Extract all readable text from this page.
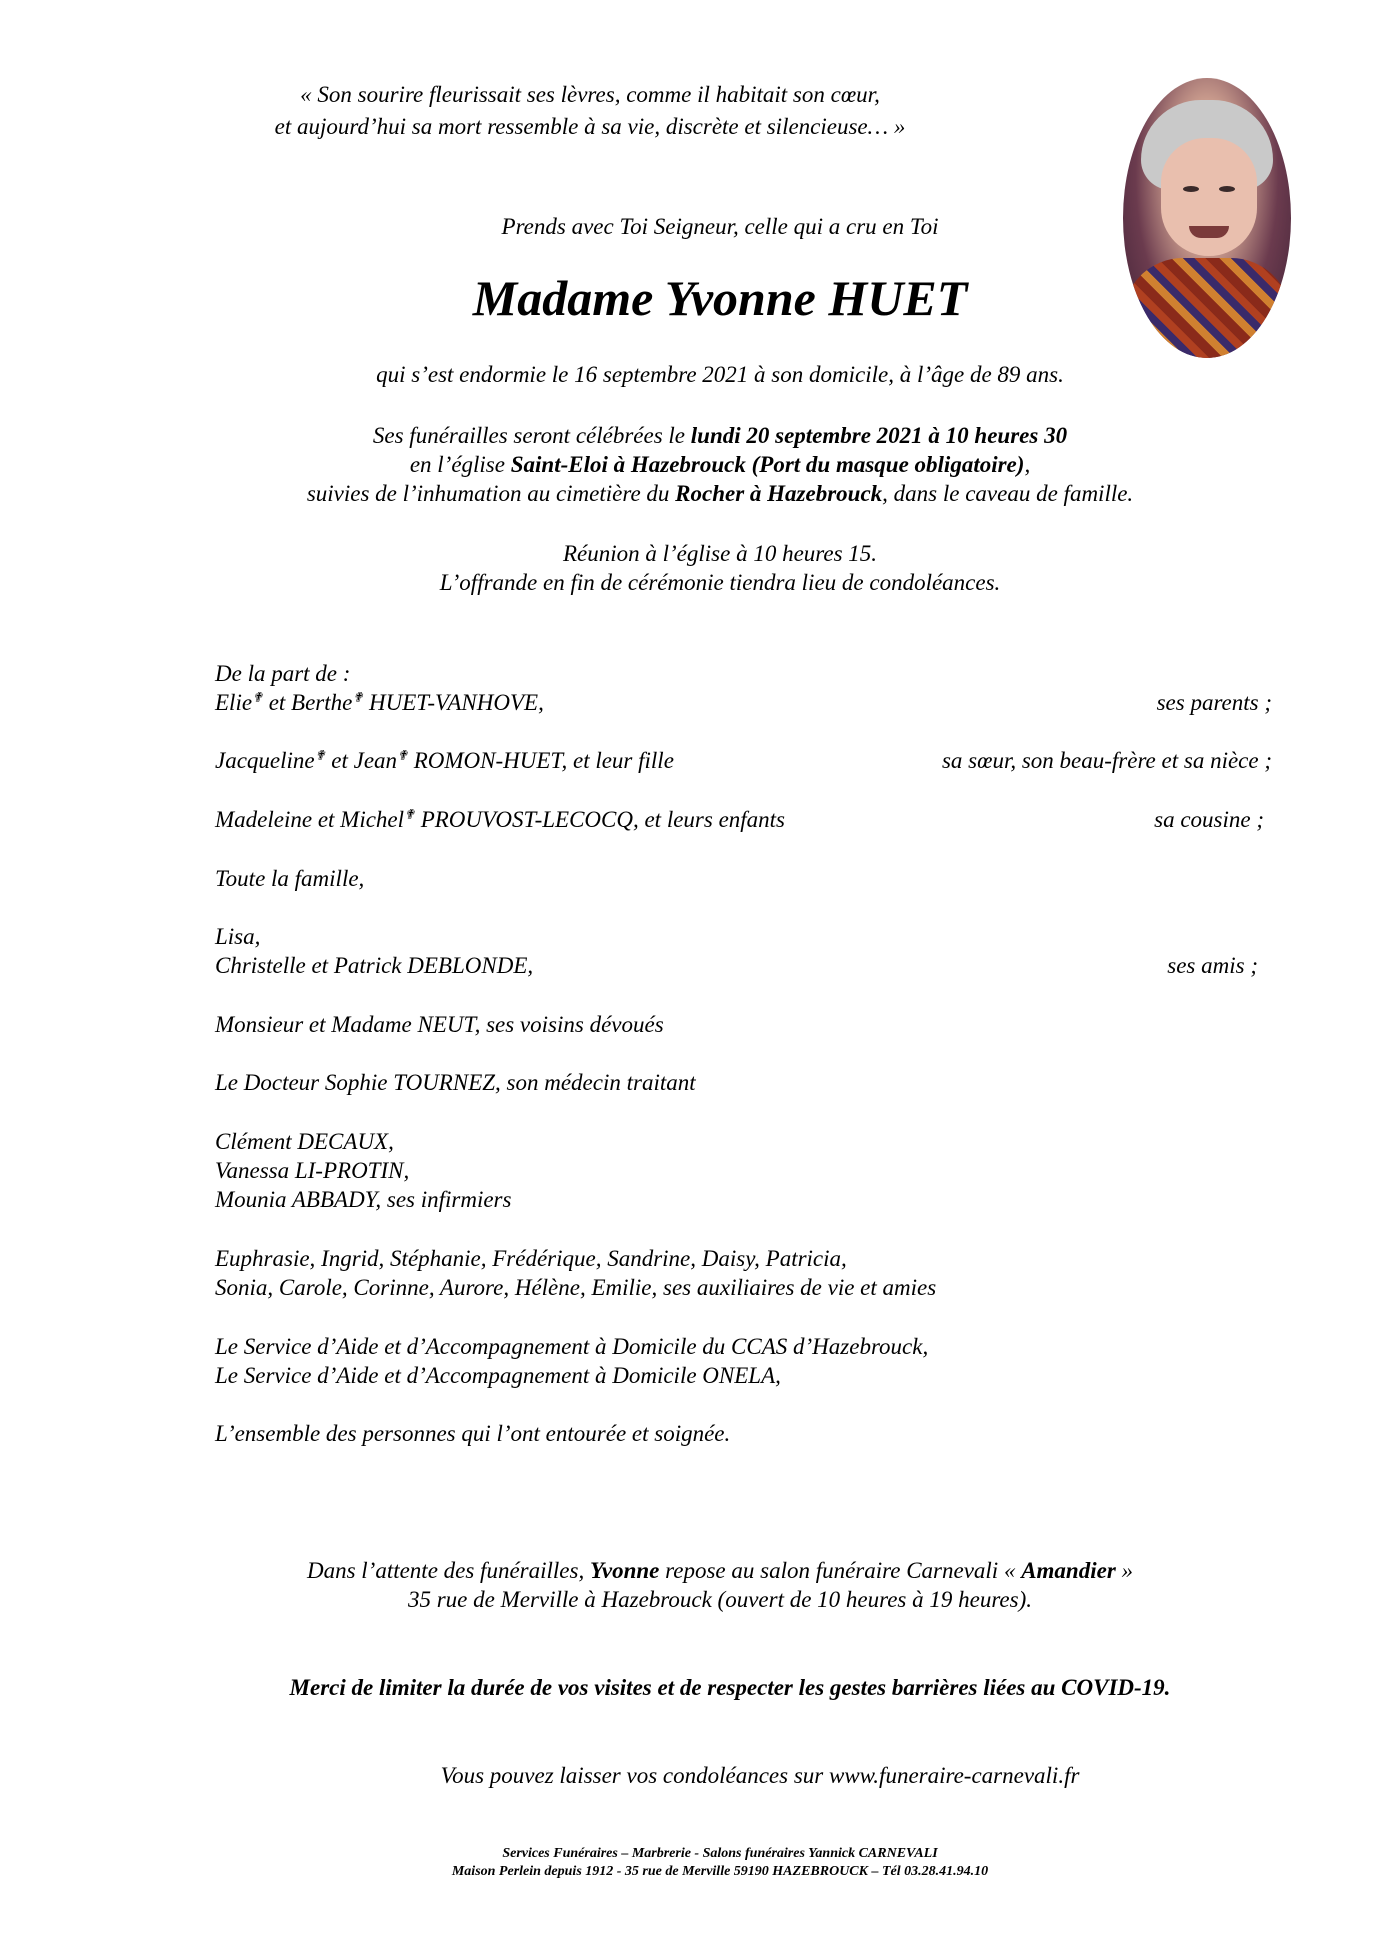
« Son sourire fleurissait ses lèvres, comme il habitait son cœur,
et aujourd’hui sa mort ressemble à sa vie, discrète et silencieuse… »
Prends avec Toi Seigneur, celle qui a cru en Toi
Madame Yvonne HUET
qui s’est endormie le 16 septembre 2021 à son domicile, à l’âge de 89 ans.
Ses funérailles seront célébrées le lundi 20 septembre 2021 à 10 heures 30
en l’église Saint-Eloi à Hazebrouck (Port du masque obligatoire),
suivies de l’inhumation au cimetière du Rocher à Hazebrouck, dans le caveau de famille.
Réunion à l’église à 10 heures 15.
L’offrande en fin de cérémonie tiendra lieu de condoléances.
De la part de :
Elie✟ et Berthe✟ HUET-VANHOVE,	ses parents ;
Jacqueline✟ et Jean✟ ROMON-HUET, et leur fille	sa sœur, son beau-frère et sa nièce ;
Madeleine et Michel✟ PROUVOST-LECOCQ, et leurs enfants	sa cousine ;
Toute la famille,
Lisa,
Christelle et Patrick DEBLONDE,	ses amis ;
Monsieur et Madame NEUT, ses voisins dévoués
Le Docteur Sophie TOURNEZ, son médecin traitant
Clément DECAUX,
Vanessa LI-PROTIN,
Mounia ABBADY, ses infirmiers
Euphrasie, Ingrid, Stéphanie, Frédérique, Sandrine, Daisy, Patricia,
Sonia, Carole, Corinne, Aurore, Hélène, Emilie, ses auxiliaires de vie et amies
Le Service d’Aide et d’Accompagnement à Domicile du CCAS d’Hazebrouck,
Le Service d’Aide et d’Accompagnement à Domicile ONELA,
L’ensemble des personnes qui l’ont entourée et soignée.
Dans l’attente des funérailles, Yvonne repose au salon funéraire Carnevali « Amandier »
35 rue de Merville à Hazebrouck (ouvert de 10 heures à 19 heures).
Merci de limiter la durée de vos visites et de respecter les gestes barrières liées au COVID-19.
Vous pouvez laisser vos condoléances sur www.funeraire-carnevali.fr
Services Funéraires – Marbrerie - Salons funéraires Yannick CARNEVALI
Maison Perlein depuis 1912 - 35 rue de Merville 59190 HAZEBROUCK – Tél 03.28.41.94.10
